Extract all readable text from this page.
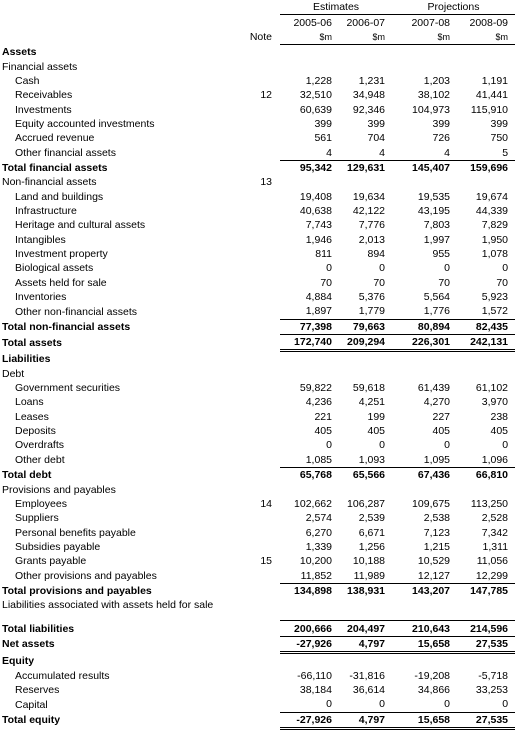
		Estimates		Projections	
		2005-06	2006-07	2007-08	2008-09
	Note	$m	$m	$m	$m
Assets					
Financial assets					
Cash		1,228	1,231	1,203	1,191
Receivables	12	32,510	34,948	38,102	41,441
Investments		60,639	92,346	104,973	115,910
Equity accounted investments		399	399	399	399
Accrued revenue		561	704	726	750
Other financial assets		4	4	4	5
Total financial assets		95,342	129,631	145,407	159,696
Non-financial assets	13				
Land and buildings		19,408	19,634	19,535	19,674
Infrastructure		40,638	42,122	43,195	44,339
Heritage and cultural assets		7,743	7,776	7,803	7,829
Intangibles		1,946	2,013	1,997	1,950
Investment property		811	894	955	1,078
Biological assets		0	0	0	0
Assets held for sale		70	70	70	70
Inventories		4,884	5,376	5,564	5,923
Other non-financial assets		1,897	1,779	1,776	1,572
Total non-financial assets		77,398	79,663	80,894	82,435
Total assets		172,740	209,294	226,301	242,131
Liabilities					
Debt					
Government securities		59,822	59,618	61,439	61,102
Loans		4,236	4,251	4,270	3,970
Leases		221	199	227	238
Deposits		405	405	405	405
Overdrafts		0	0	0	0
Other debt		1,085	1,093	1,095	1,096
Total debt		65,768	65,566	67,436	66,810
Provisions and payables					
Employees	14	102,662	106,287	109,675	113,250
Suppliers		2,574	2,539	2,538	2,528
Personal benefits payable		6,270	6,671	7,123	7,342
Subsidies payable		1,339	1,256	1,215	1,311
Grants payable	15	10,200	10,188	10,529	11,056
Other provisions and payables		11,852	11,989	12,127	12,299
Total provisions and payables		134,898	138,931	143,207	147,785
Liabilities associated with assets held for sale					

Total liabilities		200,666	204,497	210,643	214,596
Net assets		-27,926	4,797	15,658	27,535
Equity					
Accumulated results		-66,110	-31,816	-19,208	-5,718
Reserves		38,184	36,614	34,866	33,253
Capital		0	0	0	0
Total equity		-27,926	4,797	15,658	27,535
